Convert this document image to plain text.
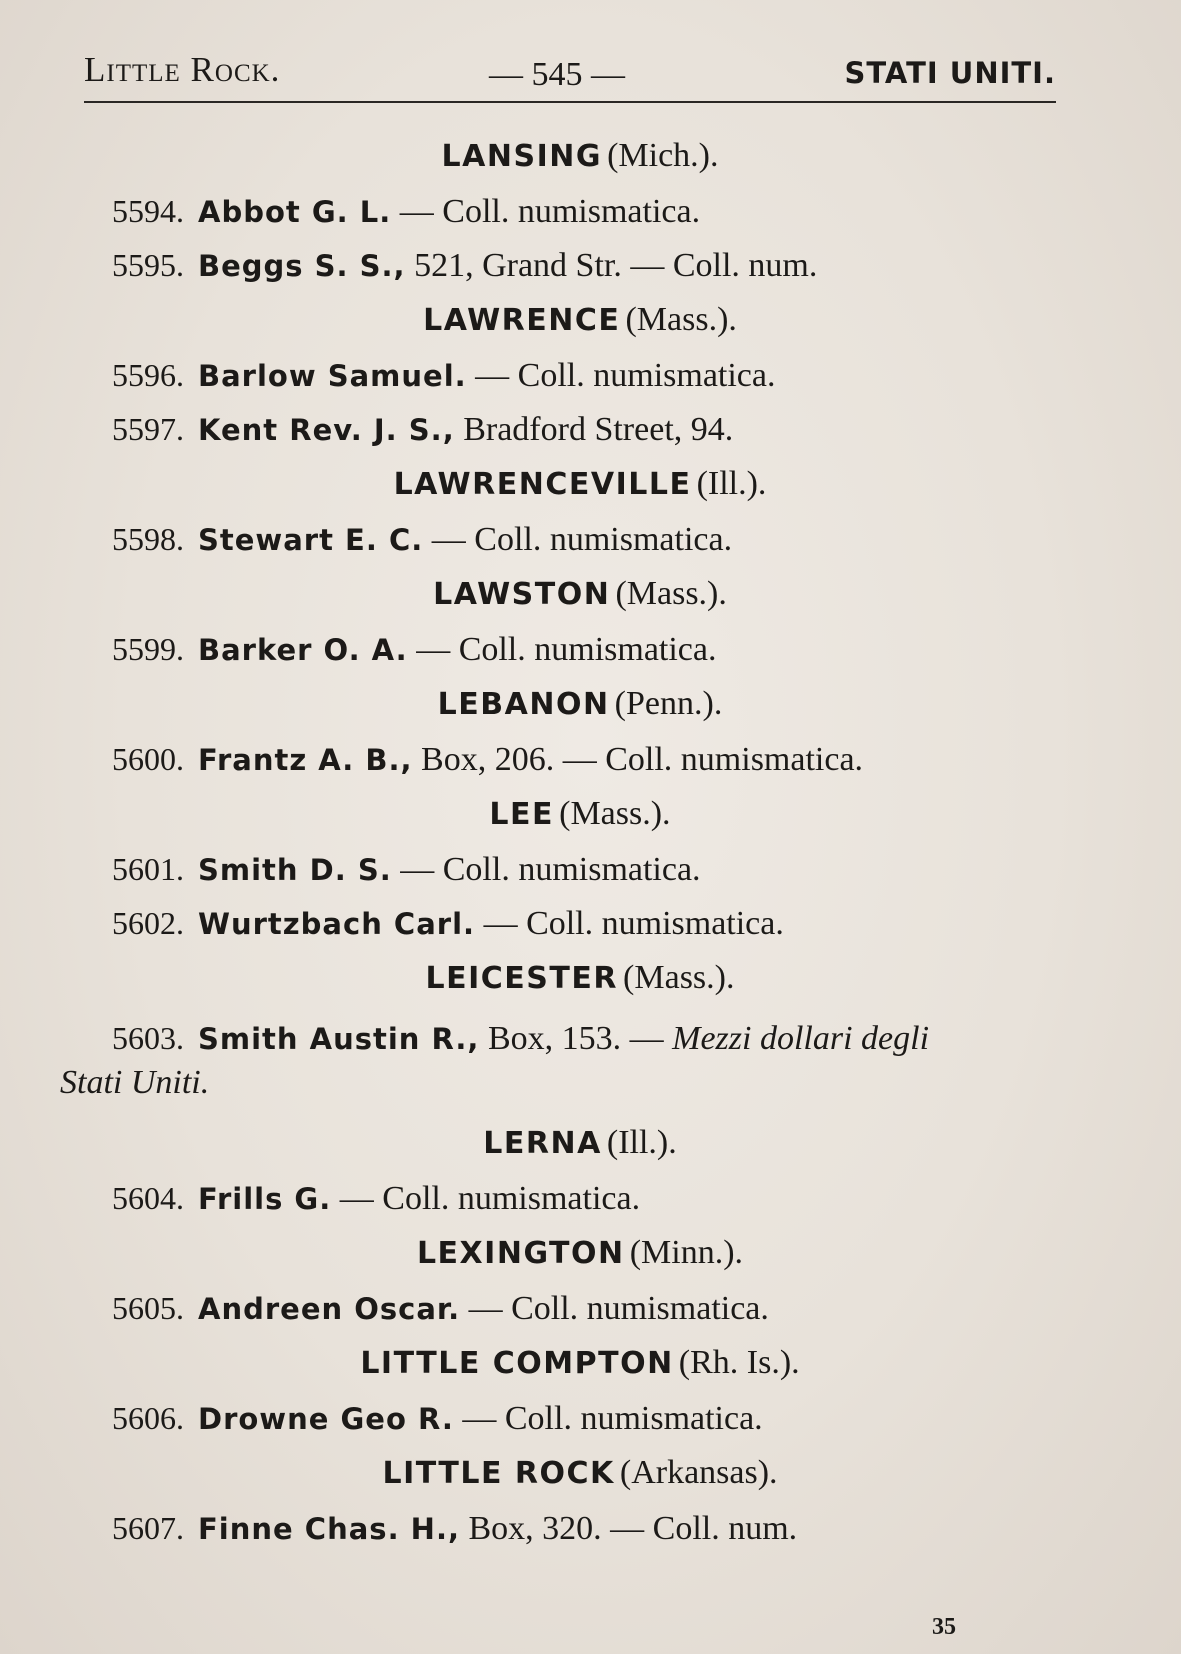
Little Rock.	— 545 —	STATI UNITI.
LANSING (Mich.).
5594. Abbot G. L. — Coll. numismatica.
5595. Beggs S. S., 521, Grand Str. — Coll. num.
LAWRENCE (Mass.).
5596. Barlow Samuel. — Coll. numismatica.
5597. Kent Rev. J. S., Bradford Street, 94.
LAWRENCEVILLE (Ill.).
5598. Stewart E. C. — Coll. numismatica.
LAWSTON (Mass.).
5599. Barker O. A. — Coll. numismatica.
LEBANON (Penn.).
5600. Frantz A. B., Box, 206. — Coll. numismatica.
LEE (Mass.).
5601. Smith D. S. — Coll. numismatica.
5602. Wurtzbach Carl. — Coll. numismatica.
LEICESTER (Mass.).
5603. Smith Austin R., Box, 153. — Mezzi dollari degli
Stati Uniti.
LERNA (Ill.).
5604. Frills G. — Coll. numismatica.
LEXINGTON (Minn.).
5605. Andreen Oscar. — Coll. numismatica.
LITTLE COMPTON (Rh. Is.).
5606. Drowne Geo R. — Coll. numismatica.
LITTLE ROCK (Arkansas).
5607. Finne Chas. H., Box, 320. — Coll. num.
35
